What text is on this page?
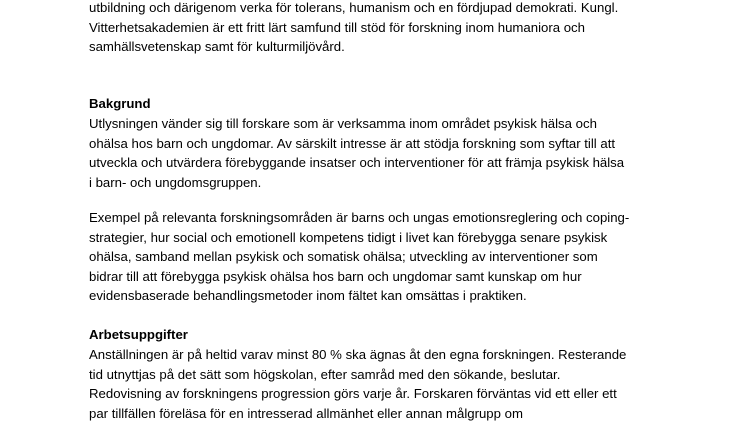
utbildning och därigenom verka för tolerans, humanism och en fördjupad demokrati. Kungl.
Vitterhetsakademien är ett fritt lärt samfund till stöd för forskning inom humaniora och
samhällsvetenskap samt för kulturmiljövård.
Bakgrund
Utlysningen vänder sig till forskare som är verksamma inom området psykisk hälsa och
ohälsa hos barn och ungdomar. Av särskilt intresse är att stödja forskning som syftar till att
utveckla och utvärdera förebyggande insatser och interventioner för att främja psykisk hälsa
i barn- och ungdomsgruppen.
Exempel på relevanta forskningsområden är barns och ungas emotionsreglering och coping-
strategier, hur social och emotionell kompetens tidigt i livet kan förebygga senare psykisk
ohälsa, samband mellan psykisk och somatisk ohälsa; utveckling av interventioner som
bidrar till att förebygga psykisk ohälsa hos barn och ungdomar samt kunskap om hur
evidensbaserade behandlingsmetoder inom fältet kan omsättas i praktiken.
Arbetsuppgifter
Anställningen är på heltid varav minst 80 % ska ägnas åt den egna forskningen. Resterande
tid utnyttjas på det sätt som högskolan, efter samråd med den sökande, beslutar.
Redovisning av forskningens progression görs varje år. Forskaren förväntas vid ett eller ett
par tillfällen föreläsa för en intresserad allmänhet eller annan målgrupp om
